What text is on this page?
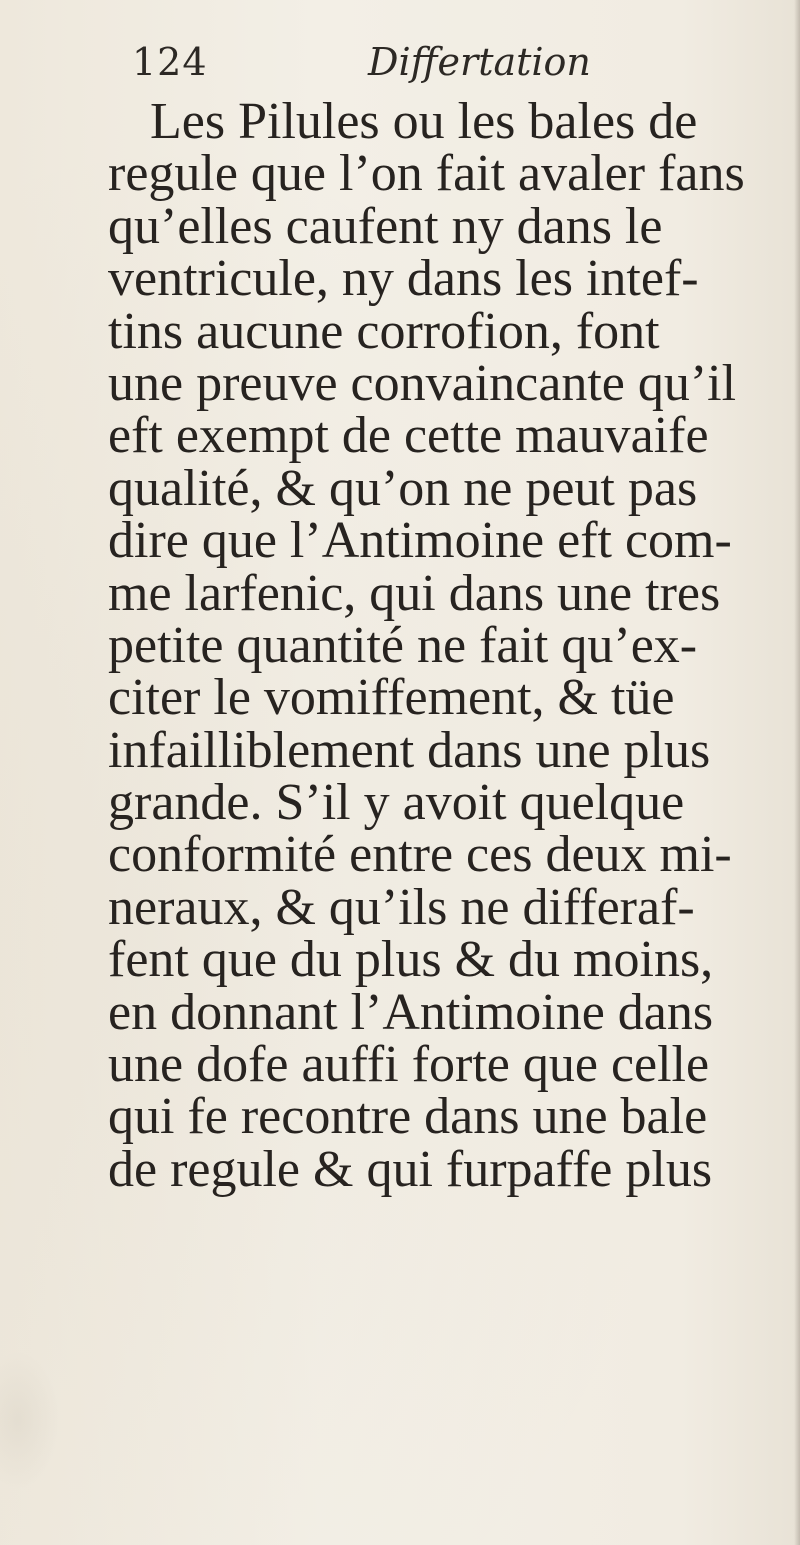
124	Differtation
Les Pilules ou les bales de
regule que l’on fait avaler fans
qu’elles caufent ny dans le
ventricule, ny dans les intef-
tins aucune corrofion, font
une preuve convaincante qu’il
eft exempt de cette mauvaife
qualité, & qu’on ne peut pas
dire que l’Antimoine eft com-
me larfenic, qui dans une tres
petite quantité ne fait qu’ex-
citer le vomiffement, & tüe
infailliblement dans une plus
grande. S’il y avoit quelque
conformité entre ces deux mi-
neraux, & qu’ils ne differaf-
fent que du plus & du moins,
en donnant l’Antimoine dans
une dofe auffi forte que celle
qui fe recontre dans une bale
de regule & qui furpaffe plus
